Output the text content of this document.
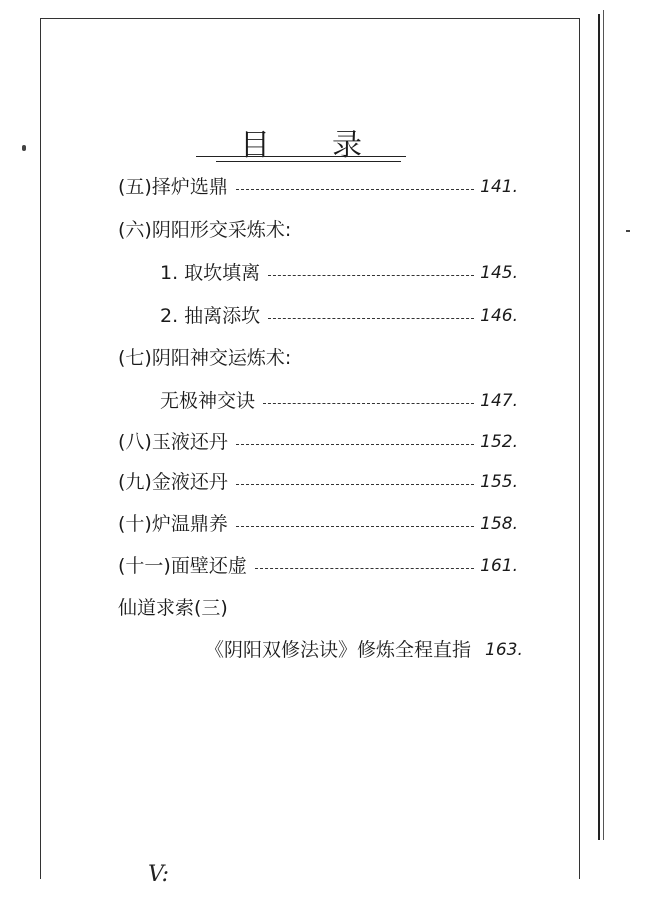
目 录
(五)择炉选鼎	141.
(六)阴阳形交采炼术:
1. 取坎填离	145.
2. 抽离添坎	146.
(七)阴阳神交运炼术:
无极神交诀	147.
(八)玉液还丹	152.
(九)金液还丹	155.
(十)炉温鼎养	158.
(十一)面壁还虚	161.
仙道求索(三)
《阴阳双修法诀》修炼全程直指 163.
V:
